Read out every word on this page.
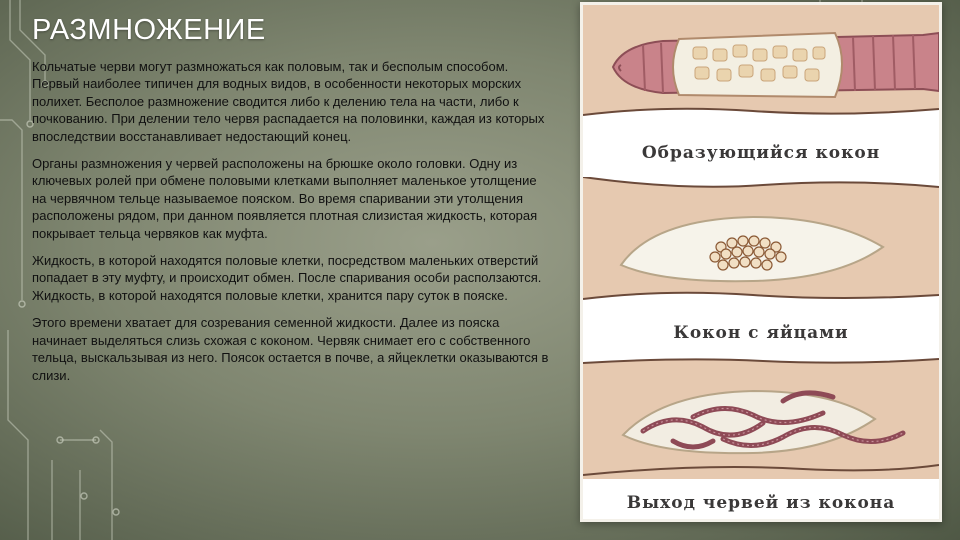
РАЗМНОЖЕНИЕ

Кольчатые черви могут размножаться как половым, так и бесполым способом. Первый наиболее типичен для водных видов, в особенности некоторых морских полихет. Бесполое размножение сводится либо к делению тела на части, либо к почкованию. При делении тело червя распадается на половинки, каждая из которых впоследствии восстанавливает недостающий конец.

Органы размножения у червей расположены на брюшке около головки. Одну из ключевых ролей при обмене половыми клетками выполняет маленькое утолщение на червячном тельце называемое пояском. Во время спаривании эти утолщения расположены рядом, при данном появляется плотная слизистая жидкость, которая покрывает тельца червяков как муфта.

Жидкость, в которой находятся половые клетки, посредством маленьких отверстий попадает в эту муфту, и происходит обмен. После спаривания особи расползаются. Жидкость, в которой находятся половые клетки, хранится пару суток в пояске.

Этого времени хватает для созревания семенной жидкости. Далее из пояска начинает выделяться слизь схожая с коконом. Червяк снимает его с собственного тельца, выскальзывая из него. Поясок остается в почве, а яйцеклетки оказываются в слизи.

Образующийся кокон
Кокон с яйцами
Выход червей из кокона
